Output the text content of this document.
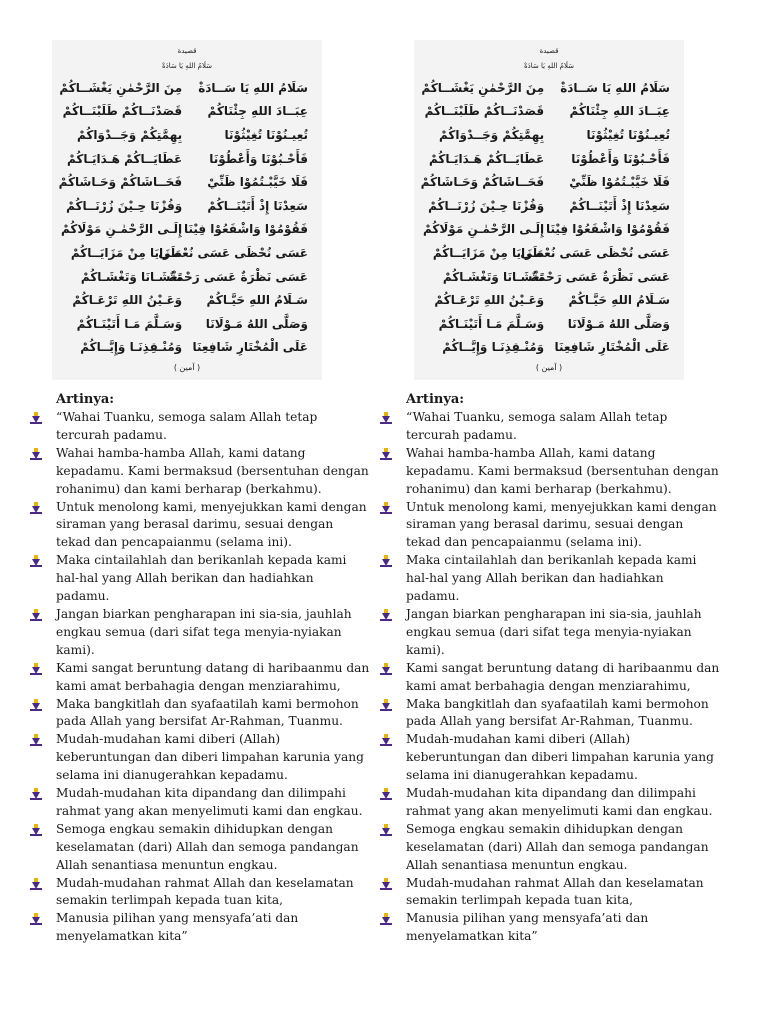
قصيدة
سَلَامُ اللهِ يَا سَادَةْ
سَلَامُ اللهِ يَا سَــادَةْ
مِنَ الرَّحْمٰنِ يَغْشَــاكُمْ
عِبَــادَ اللهِ جِئْنَاكُمْ
قَصَدْنَــاكُمْ طَلَبْنَــاكُمْ
تُعِيـنُوْنَا تُغِيْثُوْنَا
بِهِمَّتِكُمْ وَجَــدْوَاكُمْ
فَأَحْـبُوْنَا وَأَعْطُوْنَا
عَطَايَــاكُمْ هَـدَايَـاكُمْ
فَلَا خَيَّبْـتُمُوْا ظَنِّيْ
فَحَــاشَاكُمْ وَحَـاشَاكُمْ
سَعِدْنَا إِذْ أَتَيْنَــاكُمْ
وَفُزْنَا حِـيْنَ زُرْنَــاكُمْ
فَقُوْمُوْا وَاشْفَعُوْا فِيْنَا
إِلَـى الرَّحْمٰـنِ مَوْلَاكُمْ
عَسَى نُحْظَى عَسَى نُعْطَى
مَـزَايَا مِنْ مَزَايَــاكُمْ
عَسَى نَظْرَةٌ عَسَى رَحْمَةٌ
تَغْشَـانَا وَتَغْشَـاكُمْ
سَـلَامُ اللهِ حَيَّـاكُمْ
وَعَـيْنُ اللهِ تَرْعَـاكُمْ
وَصَلَّى اللهُ مَـوْلَانَا
وَسَـلَّمَ مَـا أَتَيْنَـاكُمْ
عَلَى الْمُخْتَارِ شَافِعِنَا
وَمُنْـقِذِنَـا وَإِيَّــاكُمْ
( آمين )
Artinya:
“Wahai Tuanku, semoga salam Allah tetap tercurah padamu.
Wahai hamba-hamba Allah, kami datang kepadamu. Kami bermaksud (bersentuhan dengan rohanimu) dan kami berharap (berkahmu).
Untuk menolong kami, menyejukkan kami dengan siraman yang berasal darimu, sesuai dengan tekad dan pencapaianmu (selama ini).
Maka cintailahlah dan berikanlah kepada kami hal-hal yang Allah berikan dan hadiahkan padamu.
Jangan biarkan pengharapan ini sia-sia, jauhlah engkau semua (dari sifat tega menyia-nyiakan kami).
Kami sangat beruntung datang di haribaanmu dan kami amat berbahagia dengan menziarahimu,
Maka bangkitlah dan syafaatilah kami bermohon pada Allah yang bersifat Ar-Rahman, Tuanmu.
Mudah-mudahan kami diberi (Allah) keberuntungan dan diberi limpahan karunia yang selama ini dianugerahkan kepadamu.
Mudah-mudahan kita dipandang dan dilimpahi rahmat yang akan menyelimuti kami dan engkau.
Semoga engkau semakin dihidupkan dengan keselamatan (dari) Allah dan semoga pandangan Allah senantiasa menuntun engkau.
Mudah-mudahan rahmat Allah dan keselamatan semakin terlimpah kepada tuan kita,
Manusia pilihan yang mensyafa’ati dan menyelamatkan kita”
قصيدة
سَلَامُ اللهِ يَا سَادَةْ
سَلَامُ اللهِ يَا سَــادَةْ
مِنَ الرَّحْمٰنِ يَغْشَــاكُمْ
عِبَــادَ اللهِ جِئْنَاكُمْ
قَصَدْنَــاكُمْ طَلَبْنَــاكُمْ
تُعِيـنُوْنَا تُغِيْثُوْنَا
بِهِمَّتِكُمْ وَجَــدْوَاكُمْ
فَأَحْـبُوْنَا وَأَعْطُوْنَا
عَطَايَــاكُمْ هَـدَايَـاكُمْ
فَلَا خَيَّبْـتُمُوْا ظَنِّيْ
فَحَــاشَاكُمْ وَحَـاشَاكُمْ
سَعِدْنَا إِذْ أَتَيْنَــاكُمْ
وَفُزْنَا حِـيْنَ زُرْنَــاكُمْ
فَقُوْمُوْا وَاشْفَعُوْا فِيْنَا
إِلَـى الرَّحْمٰـنِ مَوْلَاكُمْ
عَسَى نُحْظَى عَسَى نُعْطَى
مَـزَايَا مِنْ مَزَايَــاكُمْ
عَسَى نَظْرَةٌ عَسَى رَحْمَةٌ
تَغْشَـانَا وَتَغْشَـاكُمْ
سَـلَامُ اللهِ حَيَّـاكُمْ
وَعَـيْنُ اللهِ تَرْعَـاكُمْ
وَصَلَّى اللهُ مَـوْلَانَا
وَسَـلَّمَ مَـا أَتَيْنَـاكُمْ
عَلَى الْمُخْتَارِ شَافِعِنَا
وَمُنْـقِذِنَـا وَإِيَّــاكُمْ
( آمين )
Artinya:
“Wahai Tuanku, semoga salam Allah tetap tercurah padamu.
Wahai hamba-hamba Allah, kami datang kepadamu. Kami bermaksud (bersentuhan dengan rohanimu) dan kami berharap (berkahmu).
Untuk menolong kami, menyejukkan kami dengan siraman yang berasal darimu, sesuai dengan tekad dan pencapaianmu (selama ini).
Maka cintailahlah dan berikanlah kepada kami hal-hal yang Allah berikan dan hadiahkan padamu.
Jangan biarkan pengharapan ini sia-sia, jauhlah engkau semua (dari sifat tega menyia-nyiakan kami).
Kami sangat beruntung datang di haribaanmu dan kami amat berbahagia dengan menziarahimu,
Maka bangkitlah dan syafaatilah kami bermohon pada Allah yang bersifat Ar-Rahman, Tuanmu.
Mudah-mudahan kami diberi (Allah) keberuntungan dan diberi limpahan karunia yang selama ini dianugerahkan kepadamu.
Mudah-mudahan kita dipandang dan dilimpahi rahmat yang akan menyelimuti kami dan engkau.
Semoga engkau semakin dihidupkan dengan keselamatan (dari) Allah dan semoga pandangan Allah senantiasa menuntun engkau.
Mudah-mudahan rahmat Allah dan keselamatan semakin terlimpah kepada tuan kita,
Manusia pilihan yang mensyafa’ati dan menyelamatkan kita”
